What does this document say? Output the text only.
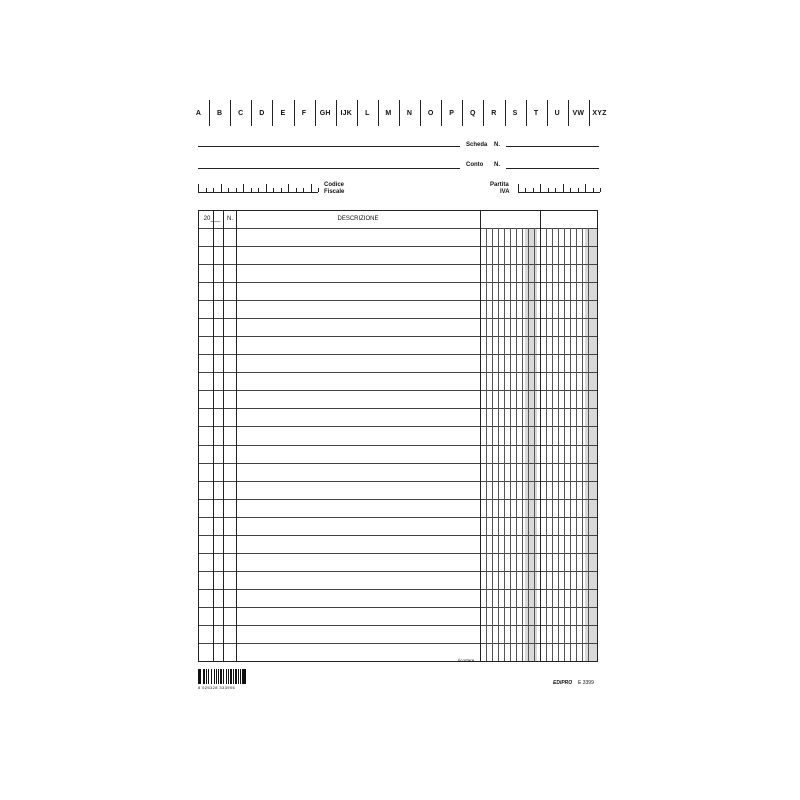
A	B	C	D	E	F	GH	IJK	L	M	N	O	P	Q	R	S	T	U	VW	XYZ
Scheda N.
Conto N.
Codice
Fiscale
Partita
IVA
20___	N.	DESCRIZIONE
ricortare
8 025328 333906
EDIPRO E 3399
